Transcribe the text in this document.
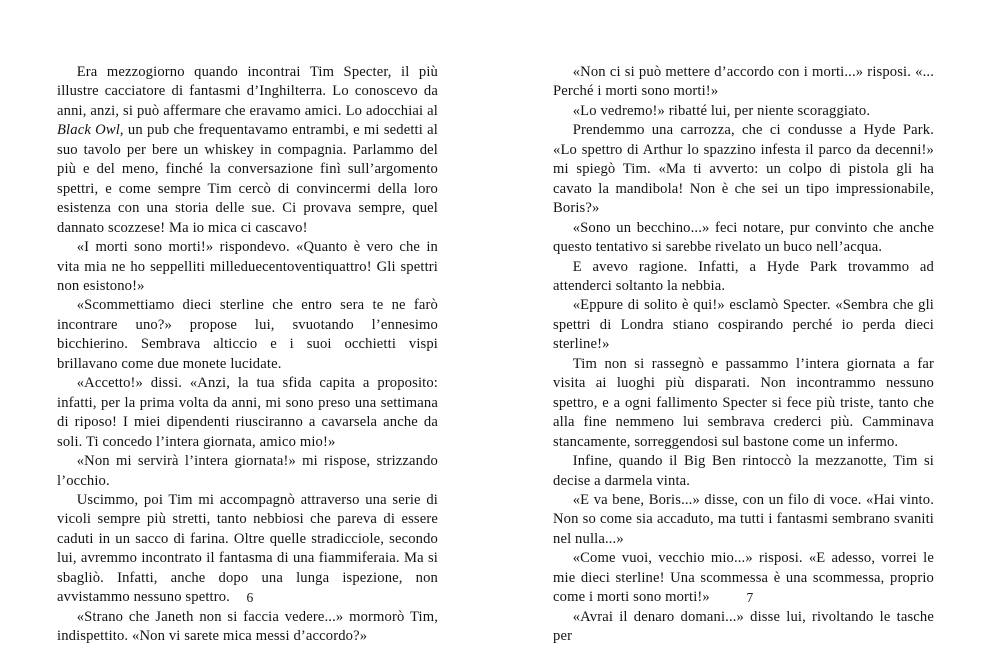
Era mezzogiorno quando incontrai Tim Specter, il più illustre cacciatore di fantasmi d’Inghilterra. Lo conoscevo da anni, anzi, si può affermare che eravamo amici. Lo adocchiai al Black Owl, un pub che frequentavamo entrambi, e mi sedetti al suo tavolo per bere un whiskey in compagnia. Parlammo del più e del meno, finché la conversazione finì sull’argomento spettri, e come sempre Tim cercò di convincermi della loro esistenza con una storia delle sue. Ci provava sempre, quel dannato scozzese! Ma io mica ci cascavo!

«I morti sono morti!» rispondevo. «Quanto è vero che in vita mia ne ho seppelliti milleduecentoventiquattro! Gli spettri non esistono!»

«Scommettiamo dieci sterline che entro sera te ne farò incontrare uno?» propose lui, svuotando l’ennesimo bicchierino. Sembrava alticcio e i suoi occhietti vispi brillavano come due monete lucidate.

«Accetto!» dissi. «Anzi, la tua sfida capita a proposito: infatti, per la prima volta da anni, mi sono preso una settimana di riposo! I miei dipendenti riusciranno a cavarsela anche da soli. Ti concedo l’intera giornata, amico mio!»

«Non mi servirà l’intera giornata!» mi rispose, strizzando l’occhio.

Uscimmo, poi Tim mi accompagnò attraverso una serie di vicoli sempre più stretti, tanto nebbiosi che pareva di essere caduti in un sacco di farina. Oltre quelle stradicciole, secondo lui, avremmo incontrato il fantasma di una fiammiferaia. Ma si sbagliò. Infatti, anche dopo una lunga ispezione, non avvistammo nessuno spettro.

«Strano che Janeth non si faccia vedere...» mormorò Tim, indispettito. «Non vi sarete mica messi d’accordo?»

6

«Non ci si può mettere d’accordo con i morti...» risposi. «... Perché i morti sono morti!»

«Lo vedremo!» ribatté lui, per niente scoraggiato.

Prendemmo una carrozza, che ci condusse a Hyde Park. «Lo spettro di Arthur lo spazzino infesta il parco da decenni!» mi spiegò Tim. «Ma ti avverto: un colpo di pistola gli ha cavato la mandibola! Non è che sei un tipo impressionabile, Boris?»

«Sono un becchino...» feci notare, pur convinto che anche questo tentativo si sarebbe rivelato un buco nell’acqua.

E avevo ragione. Infatti, a Hyde Park trovammo ad attenderci soltanto la nebbia.

«Eppure di solito è qui!» esclamò Specter. «Sembra che gli spettri di Londra stiano cospirando perché io perda dieci sterline!»

Tim non si rassegnò e passammo l’intera giornata a far visita ai luoghi più disparati. Non incontrammo nessuno spettro, e a ogni fallimento Specter si fece più triste, tanto che alla fine nemmeno lui sembrava crederci più. Camminava stancamente, sorreggendosi sul bastone come un infermo.

Infine, quando il Big Ben rintoccò la mezzanotte, Tim si decise a darmela vinta.

«E va bene, Boris...» disse, con un filo di voce. «Hai vinto. Non so come sia accaduto, ma tutti i fantasmi sembrano svaniti nel nulla...»

«Come vuoi, vecchio mio...» risposi. «E adesso, vorrei le mie dieci sterline! Una scommessa è una scommessa, proprio come i morti sono morti!»

«Avrai il denaro domani...» disse lui, rivoltando le tasche per

7
